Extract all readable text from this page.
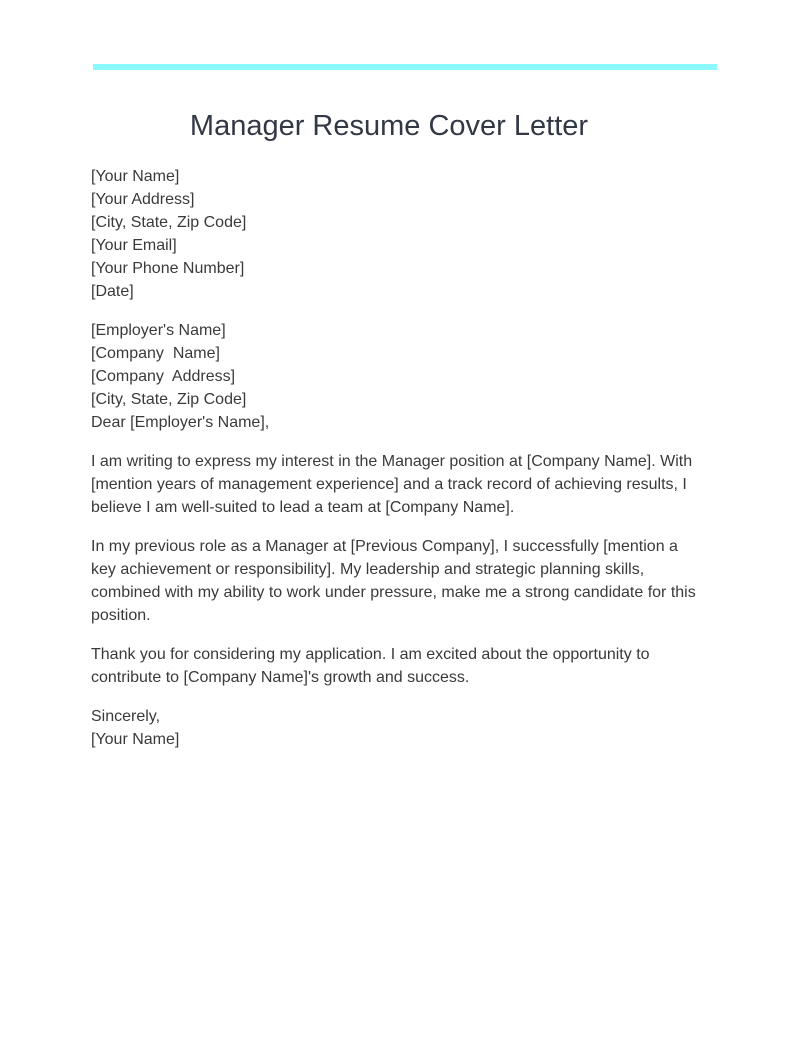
Manager Resume Cover Letter
[Your Name]
[Your Address]
[City, State, Zip Code]
[Your Email]
[Your Phone Number]
[Date]
[Employer's Name]
[Company  Name]
[Company  Address]
[City, State, Zip Code]
Dear [Employer's Name],

I am writing to express my interest in the Manager position at [Company Name]. With [mention years of management experience] and a track record of achieving results, I believe I am well-suited to lead a team at [Company Name].

In my previous role as a Manager at [Previous Company], I successfully [mention a key achievement or responsibility]. My leadership and strategic planning skills, combined with my ability to work under pressure, make me a strong candidate for this position.

Thank you for considering my application. I am excited about the opportunity to contribute to [Company Name]'s growth and success.

Sincerely,
[Your Name]
